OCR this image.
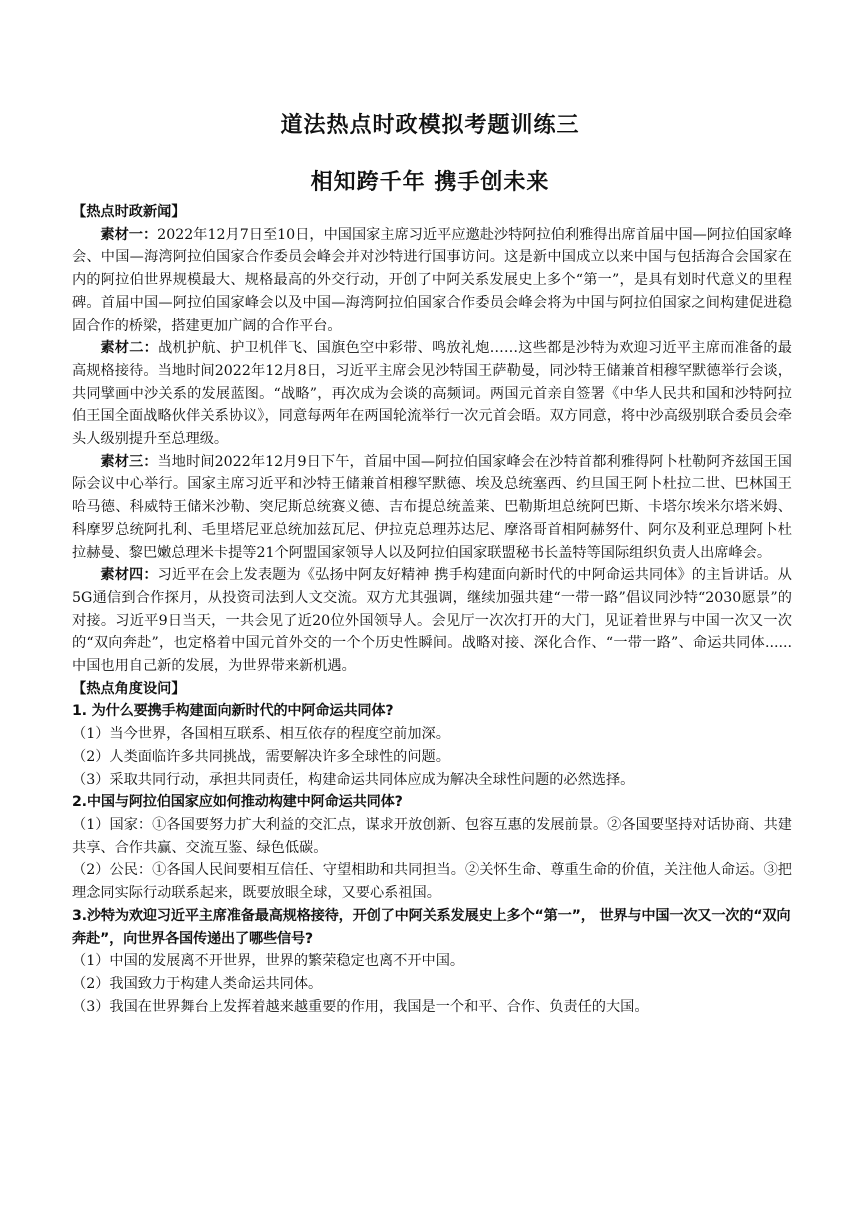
道法热点时政模拟考题训练三
相知跨千年 携手创未来
【热点时政新闻】

素材一：2022年12月7日至10日，中国国家主席习近平应邀赴沙特阿拉伯利雅得出席首届中国—阿拉伯国家峰会、中国—海湾阿拉伯国家合作委员会峰会并对沙特进行国事访问。这是新中国成立以来中国与包括海合会国家在内的阿拉伯世界规模最大、规格最高的外交行动，开创了中阿关系发展史上多个“第一”，是具有划时代意义的里程碑。首届中国—阿拉伯国家峰会以及中国—海湾阿拉伯国家合作委员会峰会将为中国与阿拉伯国家之间构建促进稳固合作的桥梁，搭建更加广阔的合作平台。

素材二：战机护航、护卫机伴飞、国旗色空中彩带、鸣放礼炮……这些都是沙特为欢迎习近平主席而准备的最高规格接待。当地时间2022年12月8日，习近平主席会见沙特国王萨勒曼，同沙特王储兼首相穆罕默德举行会谈，共同擘画中沙关系的发展蓝图。“战略”，再次成为会谈的高频词。两国元首亲自签署《中华人民共和国和沙特阿拉伯王国全面战略伙伴关系协议》，同意每两年在两国轮流举行一次元首会晤。双方同意，将中沙高级别联合委员会牵头人级别提升至总理级。

素材三：当地时间2022年12月9日下午，首届中国—阿拉伯国家峰会在沙特首都利雅得阿卜杜勒阿齐兹国王国际会议中心举行。国家主席习近平和沙特王储兼首相穆罕默德、埃及总统塞西、约旦国王阿卜杜拉二世、巴林国王哈马德、科威特王储米沙勒、突尼斯总统赛义德、吉布提总统盖莱、巴勒斯坦总统阿巴斯、卡塔尔埃米尔塔米姆、科摩罗总统阿扎利、毛里塔尼亚总统加兹瓦尼、伊拉克总理苏达尼、摩洛哥首相阿赫努什、阿尔及利亚总理阿卜杜拉赫曼、黎巴嫩总理米卡提等21个阿盟国家领导人以及阿拉伯国家联盟秘书长盖特等国际组织负责人出席峰会。

素材四：习近平在会上发表题为《弘扬中阿友好精神 携手构建面向新时代的中阿命运共同体》的主旨讲话。从5G通信到合作探月，从投资司法到人文交流。双方尤其强调，继续加强共建“一带一路”倡议同沙特“2030愿景”的对接。习近平9日当天，一共会见了近20位外国领导人。会见厅一次次打开的大门，见证着世界与中国一次又一次的“双向奔赴”，也定格着中国元首外交的一个个历史性瞬间。战略对接、深化合作、“一带一路”、命运共同体......中国也用自己新的发展，为世界带来新机遇。

【热点角度设问】

1. 为什么要携手构建面向新时代的中阿命运共同体?

（1）当今世界，各国相互联系、相互依存的程度空前加深。

（2）人类面临许多共同挑战，需要解决许多全球性的问题。

（3）采取共同行动，承担共同责任，构建命运共同体应成为解决全球性问题的必然选择。

2.中国与阿拉伯国家应如何推动构建中阿命运共同体?

（1）国家：①各国要努力扩大利益的交汇点，谋求开放创新、包容互惠的发展前景。②各国要坚持对话协商、共建共享、合作共赢、交流互鉴、绿色低碳。

（2）公民：①各国人民间要相互信任、守望相助和共同担当。②关怀生命、尊重生命的价值，关注他人命运。③把理念同实际行动联系起来，既要放眼全球，又要心系祖国。

3.沙特为欢迎习近平主席准备最高规格接待，开创了中阿关系发展史上多个“第一”， 世界与中国一次又一次的“双向奔赴”，向世界各国传递出了哪些信号?

（1）中国的发展离不开世界，世界的繁荣稳定也离不开中国。

（2）我国致力于构建人类命运共同体。

（3）我国在世界舞台上发挥着越来越重要的作用，我国是一个和平、合作、负责任的大国。
